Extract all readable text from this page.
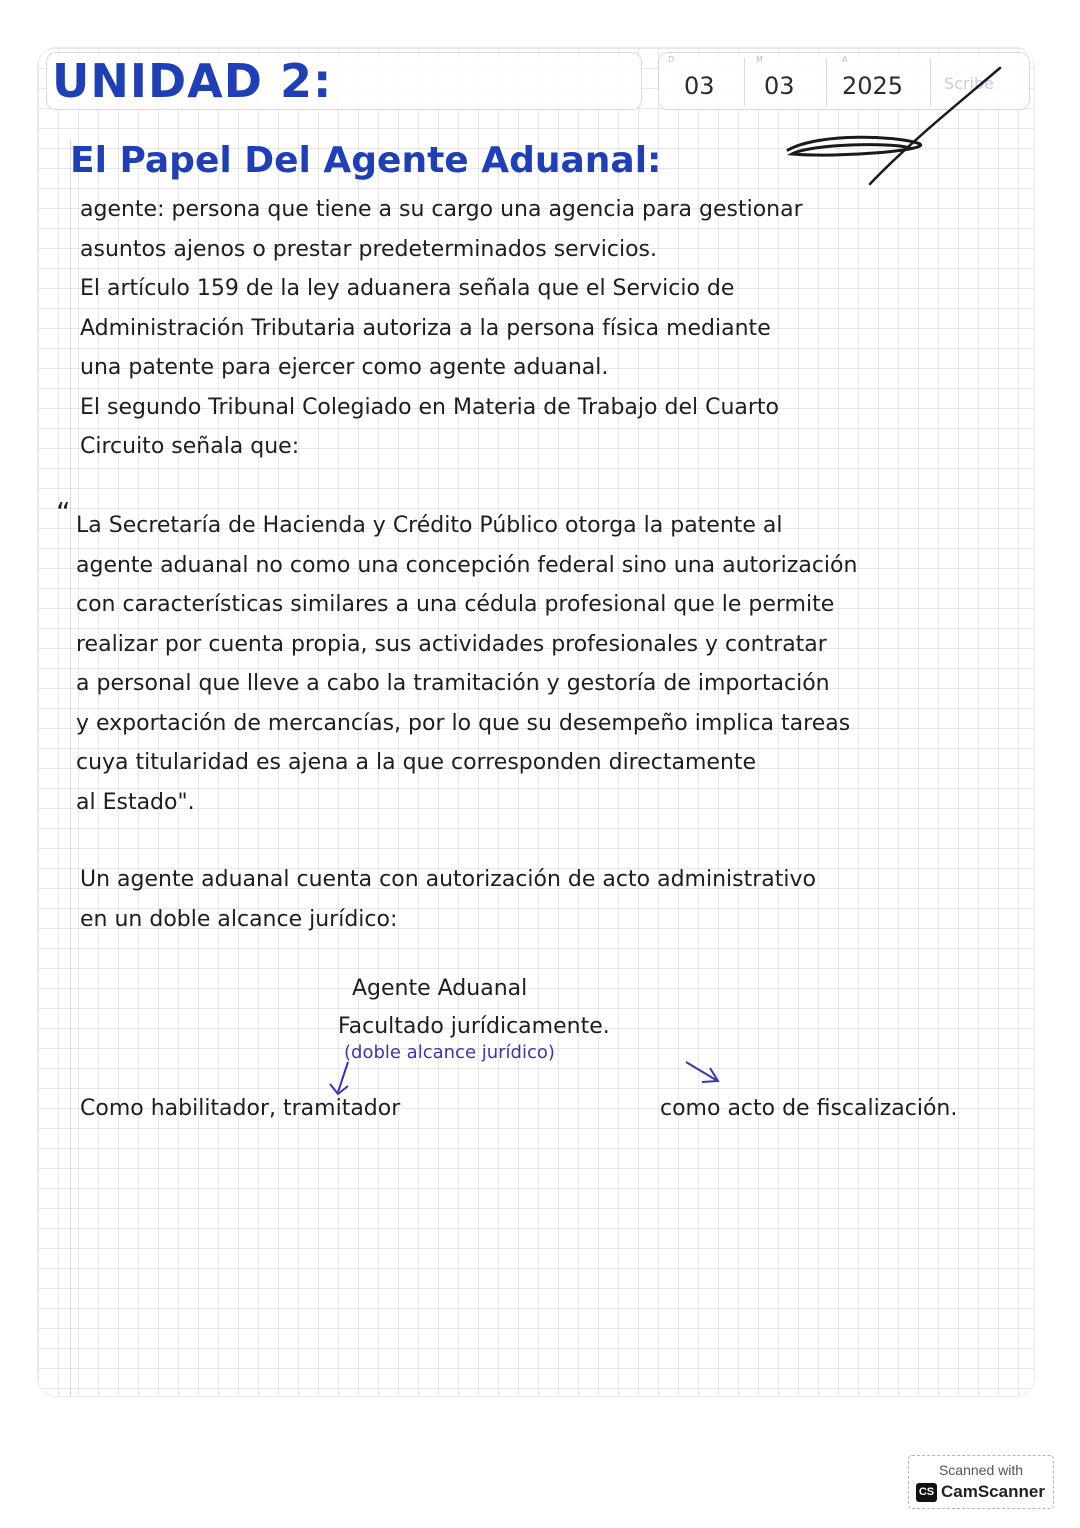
UNIDAD 2:	D	M	A
03 03 2025	Scribe
El Papel Del Agente Aduanal:

agente: persona que tiene a su cargo una agencia para gestionar
asuntos ajenos o prestar predeterminados servicios.
El artículo 159 de la ley aduanera señala que el Servicio de
Administración Tributaria autoriza a la persona física mediante
una patente para ejercer como agente aduanal.
El segundo Tribunal Colegiado en Materia de Trabajo del Cuarto
Circuito señala que:

“ La Secretaría de Hacienda y Crédito Público otorga la patente al
agente aduanal no como una concepción federal sino una autorización
con características similares a una cédula profesional que le permite
realizar por cuenta propia, sus actividades profesionales y contratar
a personal que lleve a cabo la tramitación y gestoría de importación
y exportación de mercancías, por lo que su desempeño implica tareas
cuya titularidad es ajena a la que corresponden directamente
al Estado".

Un agente aduanal cuenta con autorización de acto administrativo
en un doble alcance jurídico:

Agente Aduanal
Facultado jurídicamente.
(doble alcance jurídico)
Como habilitador, tramitador	como acto de fiscalización.
Scanned with
CS CamScanner
